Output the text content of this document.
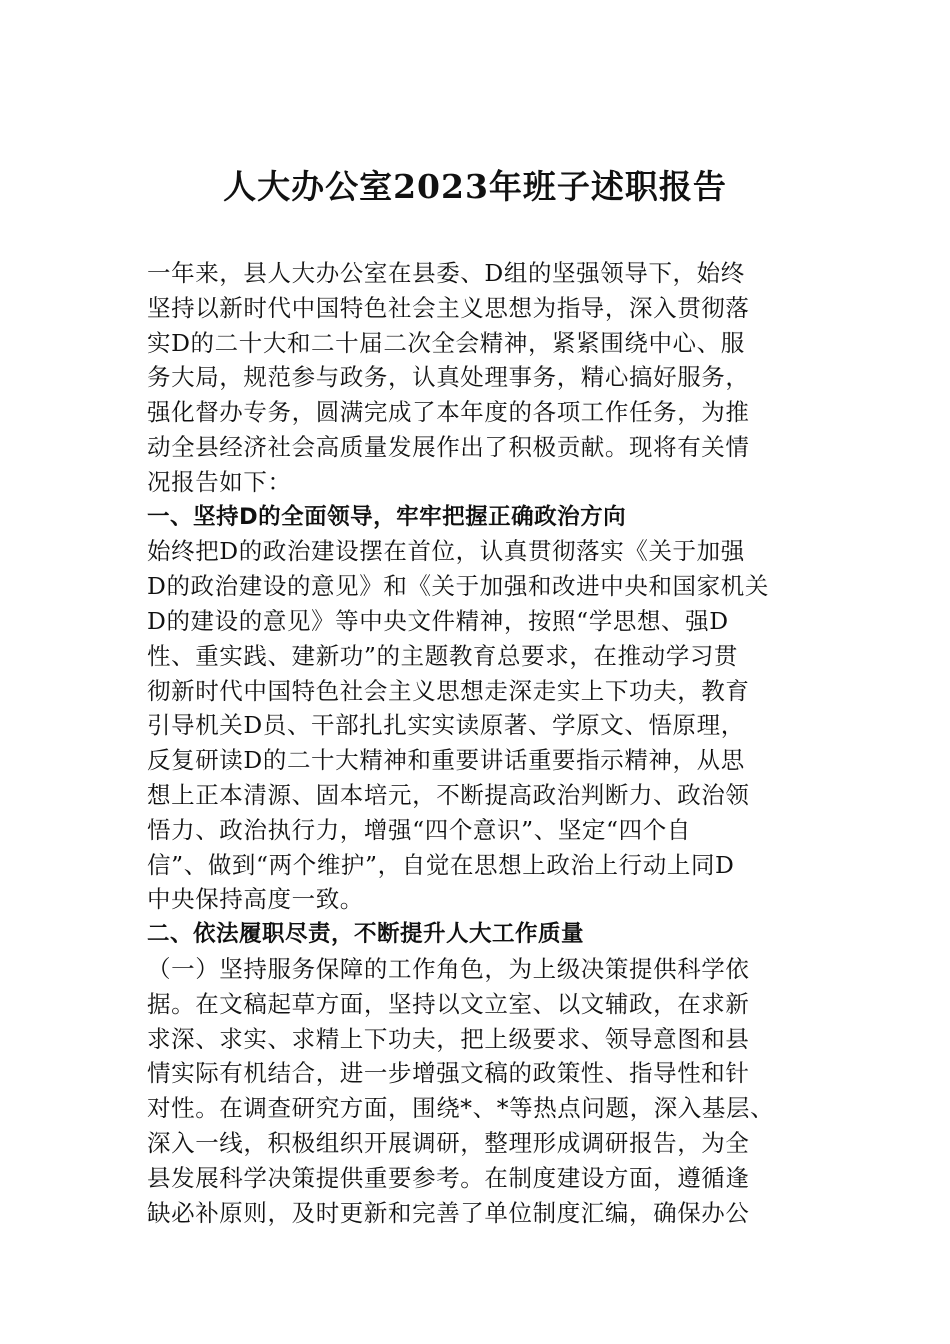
人大办公室2023年班子述职报告
一年来，县人大办公室在县委、D组的坚强领导下，始终
坚持以新时代中国特色社会主义思想为指导，深入贯彻落
实D的二十大和二十届二次全会精神，紧紧围绕中心、服
务大局，规范参与政务，认真处理事务，精心搞好服务，
强化督办专务，圆满完成了本年度的各项工作任务，为推
动全县经济社会高质量发展作出了积极贡献。现将有关情
况报告如下：
一、坚持D的全面领导，牢牢把握正确政治方向
始终把D的政治建设摆在首位，认真贯彻落实《关于加强
D的政治建设的意见》和《关于加强和改进中央和国家机关
D的建设的意见》等中央文件精神，按照“学思想、强D
性、重实践、建新功”的主题教育总要求，在推动学习贯
彻新时代中国特色社会主义思想走深走实上下功夫，教育
引导机关D员、干部扎扎实实读原著、学原文、悟原理，
反复研读D的二十大精神和重要讲话重要指示精神，从思
想上正本清源、固本培元，不断提高政治判断力、政治领
悟力、政治执行力，增强“四个意识”、坚定“四个自
信”、做到“两个维护”，自觉在思想上政治上行动上同D
中央保持高度一致。
二、依法履职尽责，不断提升人大工作质量
（一）坚持服务保障的工作角色，为上级决策提供科学依
据。在文稿起草方面，坚持以文立室、以文辅政，在求新
求深、求实、求精上下功夫，把上级要求、领导意图和县
情实际有机结合，进一步增强文稿的政策性、指导性和针
对性。在调查研究方面，围绕*、*等热点问题，深入基层、
深入一线，积极组织开展调研，整理形成调研报告，为全
县发展科学决策提供重要参考。在制度建设方面，遵循逢
缺必补原则，及时更新和完善了单位制度汇编，确保办公
